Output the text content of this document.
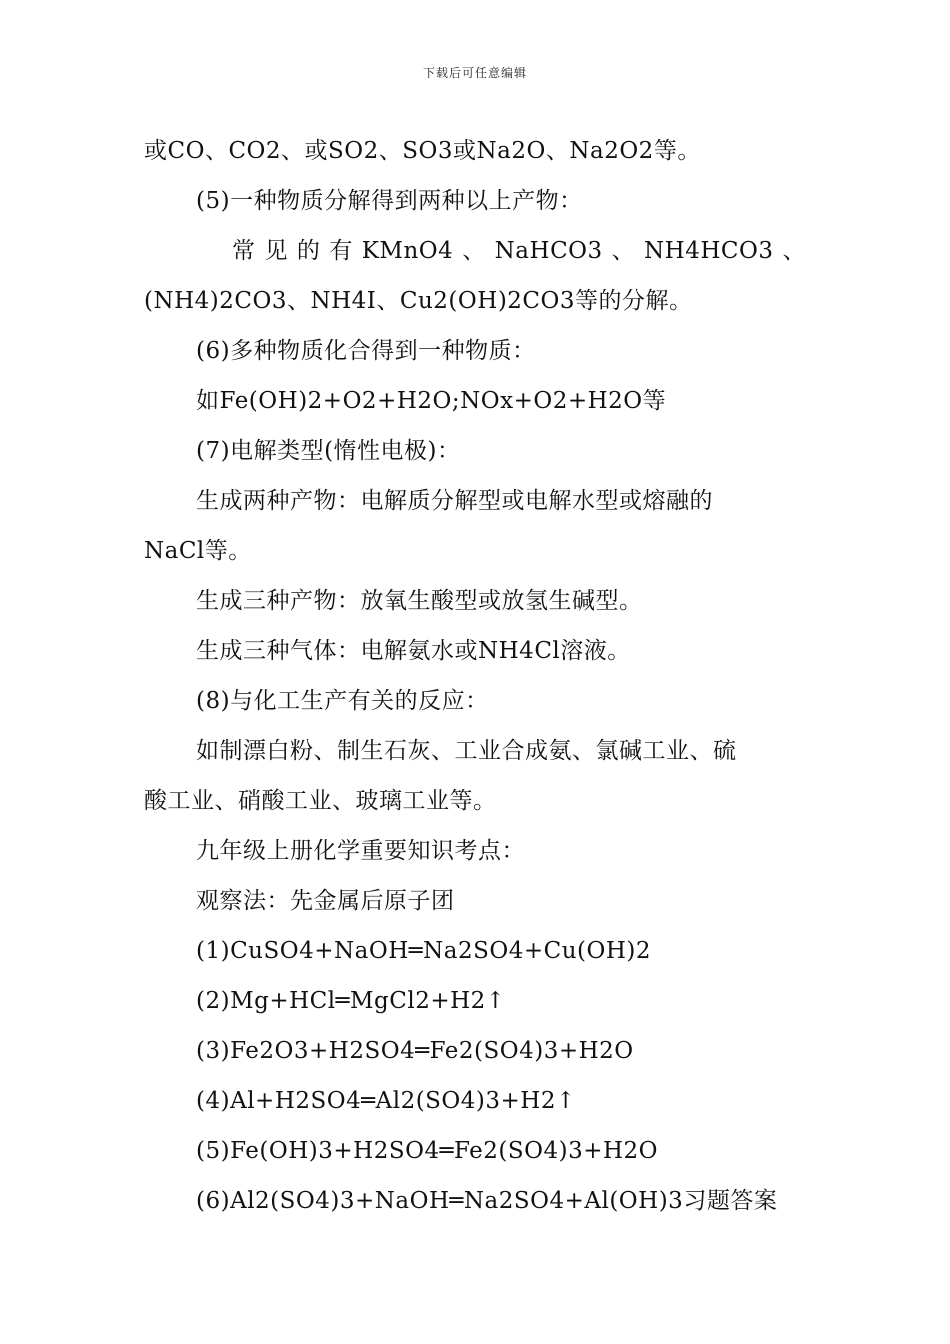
下载后可任意编辑
或CO、CO2、或SO2、SO3或Na2O、Na2O2等。
(5)一种物质分解得到两种以上产物：
常 见 的 有 KMnO4 、 NaHCO3 、 NH4HCO3 、
(NH4)2CO3、NH4I、Cu2(OH)2CO3等的分解。
(6)多种物质化合得到一种物质：
如Fe(OH)2+O2+H2O;NOx+O2+H2O等
(7)电解类型(惰性电极)：
生成两种产物：电解质分解型或电解水型或熔融的
NaCl等。
生成三种产物：放氧生酸型或放氢生碱型。
生成三种气体：电解氨水或NH4Cl溶液。
(8)与化工生产有关的反应：
如制漂白粉、制生石灰、工业合成氨、氯碱工业、硫
酸工业、硝酸工业、玻璃工业等。
九年级上册化学重要知识考点：
观察法：先金属后原子团
(1)CuSO4+NaOH═Na2SO4+Cu(OH)2
(2)Mg+HCl═MgCl2+H2↑
(3)Fe2O3+H2SO4═Fe2(SO4)3+H2O
(4)Al+H2SO4═Al2(SO4)3+H2↑
(5)Fe(OH)3+H2SO4═Fe2(SO4)3+H2O
(6)Al2(SO4)3+NaOH═Na2SO4+Al(OH)3习题答案
